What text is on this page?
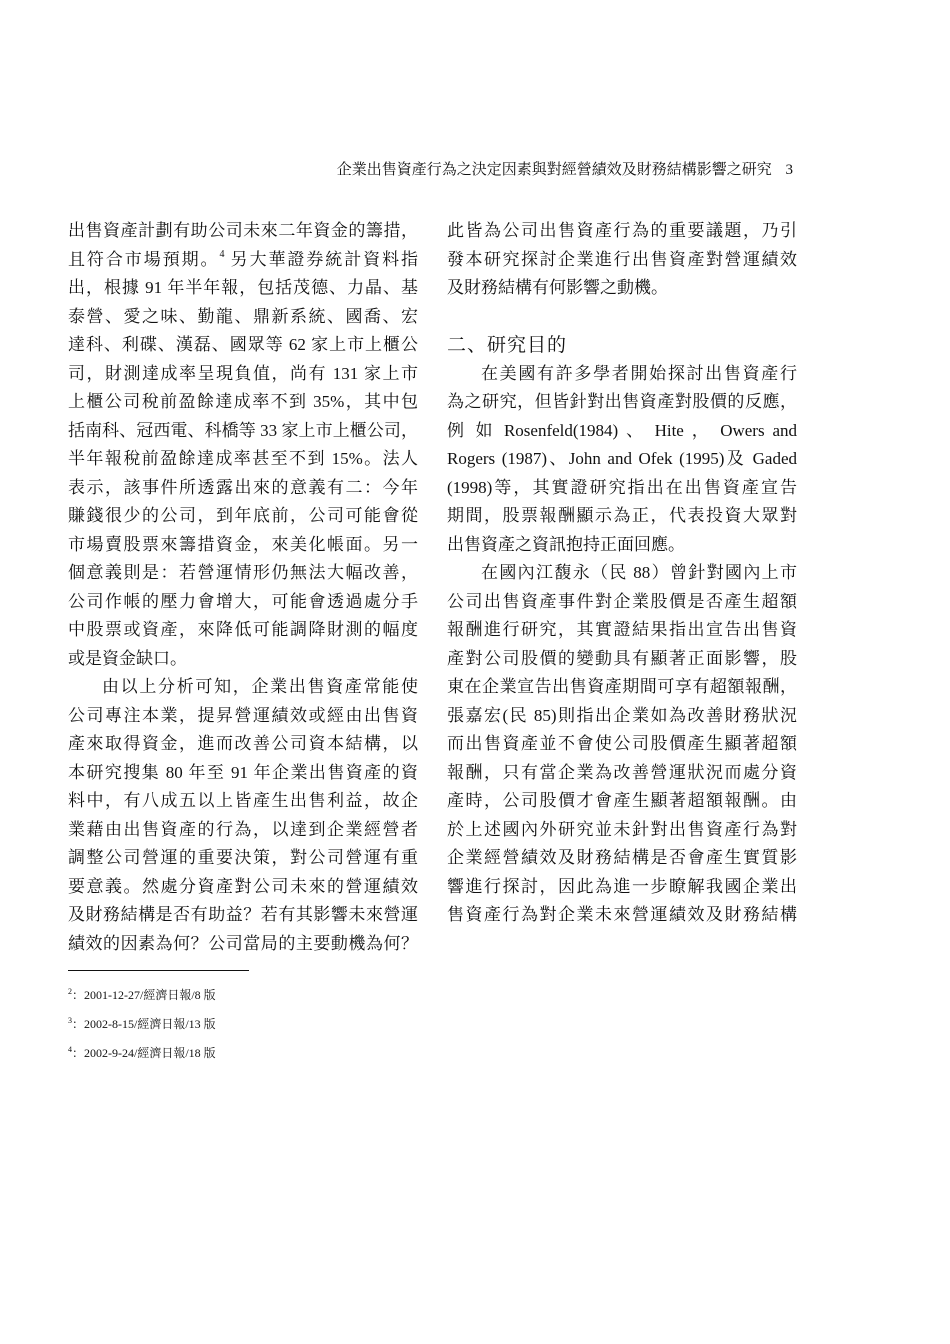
企業出售資產行為之決定因素與對經營績效及財務結構影響之研究 3
出售資產計劃有助公司未來二年資金的籌措，
且符合市場預期。$^4$ 另大華證券統計資料指
出，根據 91 年半年報，包括茂德、力晶、基
泰營、愛之味、勤龍、鼎新系統、國喬、宏
達科、利碟、漢磊、國眾等 62 家上市上櫃公
司，財測達成率呈現負值，尚有 131 家上市
上櫃公司稅前盈餘達成率不到 35%，其中包
括南科、冠西電、科橋等 33 家上市上櫃公司，
半年報稅前盈餘達成率甚至不到 15%。法人
表示，該事件所透露出來的意義有二：今年
賺錢很少的公司，到年底前，公司可能會從
市場賣股票來籌措資金，來美化帳面。另一
個意義則是：若營運情形仍無法大幅改善，
公司作帳的壓力會增大，可能會透過處分手
中股票或資產，來降低可能調降財測的幅度
或是資金缺口。
由以上分析可知，企業出售資產常能使
公司專注本業，提昇營運績效或經由出售資
產來取得資金，進而改善公司資本結構，以
本研究搜集 80 年至 91 年企業出售資產的資
料中，有八成五以上皆產生出售利益，故企
業藉由出售資產的行為，以達到企業經營者
調整公司營運的重要決策，對公司營運有重
要意義。然處分資產對公司未來的營運績效
及財務結構是否有助益？若有其影響未來營運
績效的因素為何？公司當局的主要動機為何？
此皆為公司出售資產行為的重要議題，乃引
發本研究探討企業進行出售資產對營運績效
及財務結構有何影響之動機。
二、研究目的
在美國有許多學者開始探討出售資產行
為之研究，但皆針對出售資產對股價的反應，
例 如 Rosenfeld(1984) 、 Hite ， Owers and
Rogers (1987)、John and Ofek (1995)及 Gaded
(1998)等，其實證研究指出在出售資產宣告
期間，股票報酬顯示為正，代表投資大眾對
出售資產之資訊抱持正面回應。
在國內江馥永（民 88）曾針對國內上市
公司出售資產事件對企業股價是否產生超額
報酬進行研究，其實證結果指出宣告出售資
產對公司股價的變動具有顯著正面影響，股
東在企業宣告出售資產期間可享有超額報酬，
張嘉宏(民 85)則指出企業如為改善財務狀況
而出售資產並不會使公司股價產生顯著超額
報酬，只有當企業為改善營運狀況而處分資
產時，公司股價才會產生顯著超額報酬。由
於上述國內外研究並未針對出售資產行為對
企業經營績效及財務結構是否會產生實質影
響進行探討，因此為進一步瞭解我國企業出
售資產行為對企業未來營運績效及財務結構
$^2$：2001-12-27/經濟日報/8 版
$^3$：2002-8-15/經濟日報/13 版
$^4$：2002-9-24/經濟日報/18 版
